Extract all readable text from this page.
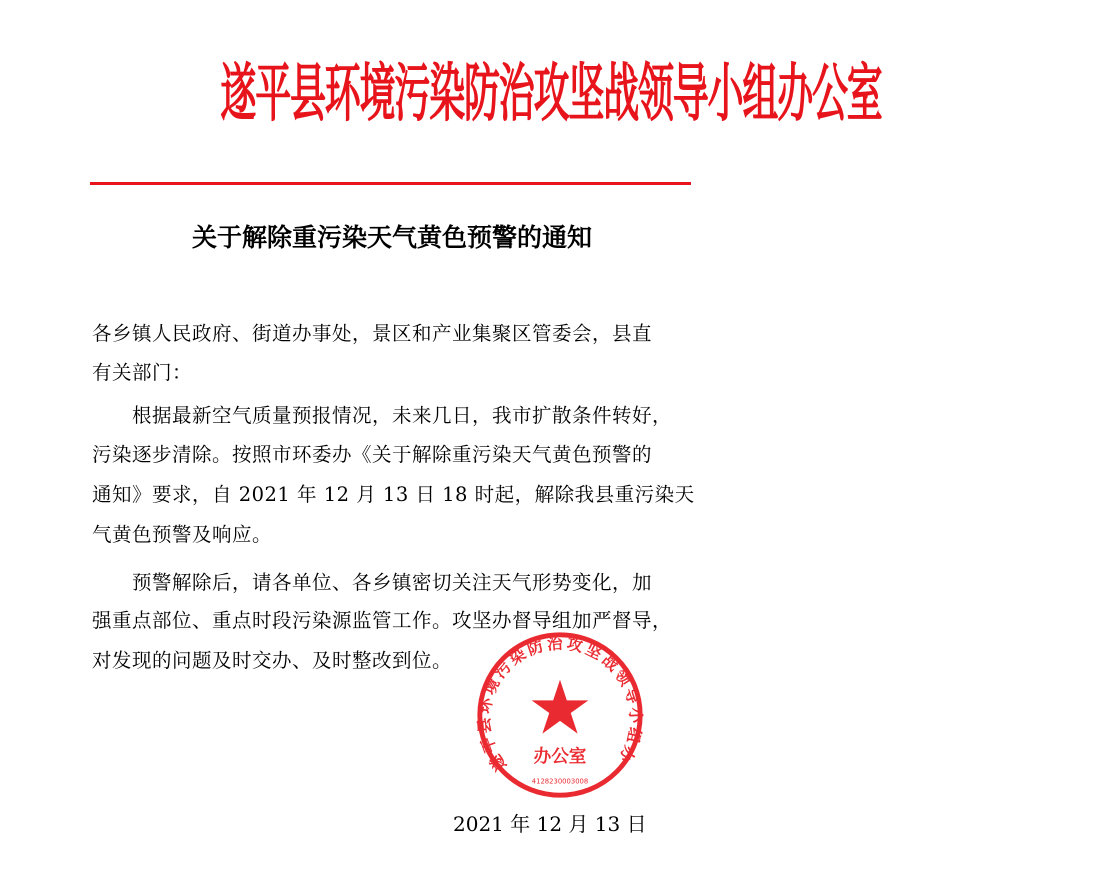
遂平县环境污染防治攻坚战领导小组办公室
关于解除重污染天气黄色预警的通知
各乡镇人民政府、街道办事处，景区和产业集聚区管委会，县直
有关部门：
　　根据最新空气质量预报情况，未来几日，我市扩散条件转好，
污染逐步清除。按照市环委办《关于解除重污染天气黄色预警的
通知》要求，自 2021 年 12 月 13 日 18 时起，解除我县重污染天
气黄色预警及响应。
　　预警解除后，请各单位、各乡镇密切关注天气形势变化，加
强重点部位、重点时段污染源监管工作。攻坚办督导组加严督导，
对发现的问题及时交办、及时整改到位。
2021 年 12 月 13 日
遂平县环境污染防治攻坚战领导小组办
办公室
4128230003008
